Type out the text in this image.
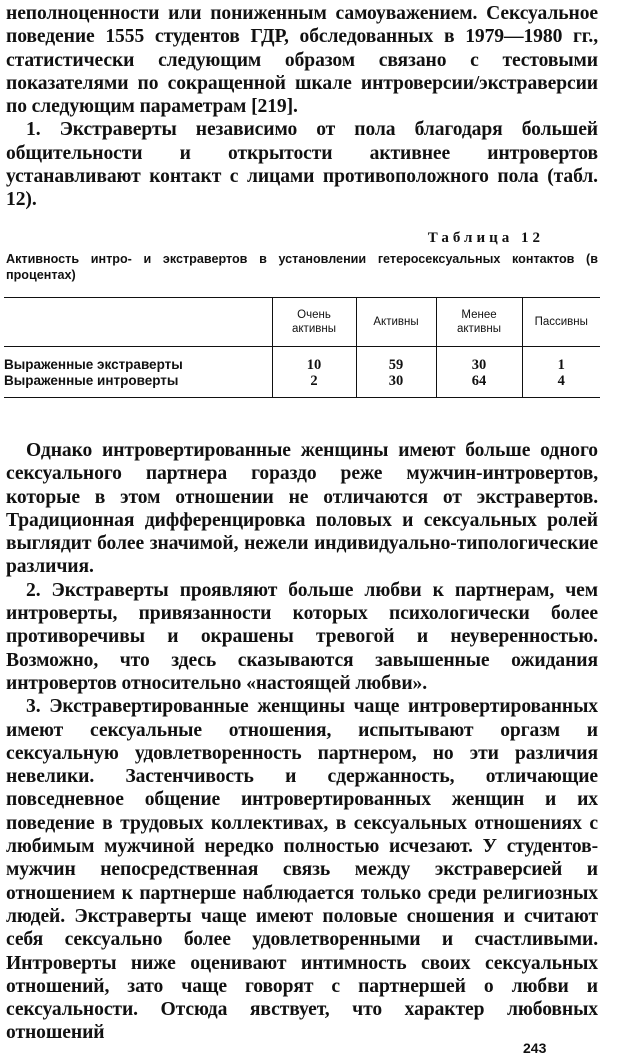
неполноценности или пониженным самоуважением. Сексуальное поведение 1555 студентов ГДР, обследованных в 1979—1980 гг., статистически следующим образом связано с тестовыми показателями по сокращенной шкале интроверсии/экстраверсии по следующим параметрам [219].

1. Экстраверты независимо от пола благодаря большей общительности и открытости активнее интровертов устанавливают контакт с лицами противоположного пола (табл. 12).

Таблица 12
Активность интро- и экстравертов в установлении гетеросексуальных контактов (в процентах)
	Очень активны	Активны	Менее активны	Пассивны
Выраженные экстраверты	10	59	30	1
Выраженные интроверты	2	30	64	4

Однако интровертированные женщины имеют больше одного сексуального партнера гораздо реже мужчин-интровертов, которые в этом отношении не отличаются от экстравертов. Традиционная дифференцировка половых и сексуальных ролей выглядит более значимой, нежели индивидуально-типологические различия.

2. Экстраверты проявляют больше любви к партнерам, чем интроверты, привязанности которых психологически более противоречивы и окрашены тревогой и неуверенностью. Возможно, что здесь сказываются завышенные ожидания интровертов относительно «настоящей любви».

3. Экстравертированные женщины чаще интровертированных имеют сексуальные отношения, испытывают оргазм и сексуальную удовлетворенность партнером, но эти различия невелики. Застенчивость и сдержанность, отличающие повседневное общение интровертированных женщин и их поведение в трудовых коллективах, в сексуальных отношениях с любимым мужчиной нередко полностью исчезают. У студентов-мужчин непосредственная связь между экстраверсией и отношением к партнерше наблюдается только среди религиозных людей. Экстраверты чаще имеют половые сношения и считают себя сексуально более удовлетворенными и счастливыми. Интроверты ниже оценивают интимность своих сексуальных отношений, зато чаще говорят с партнершей о любви и сексуальности. Отсюда явствует, что характер любовных отношений

243
